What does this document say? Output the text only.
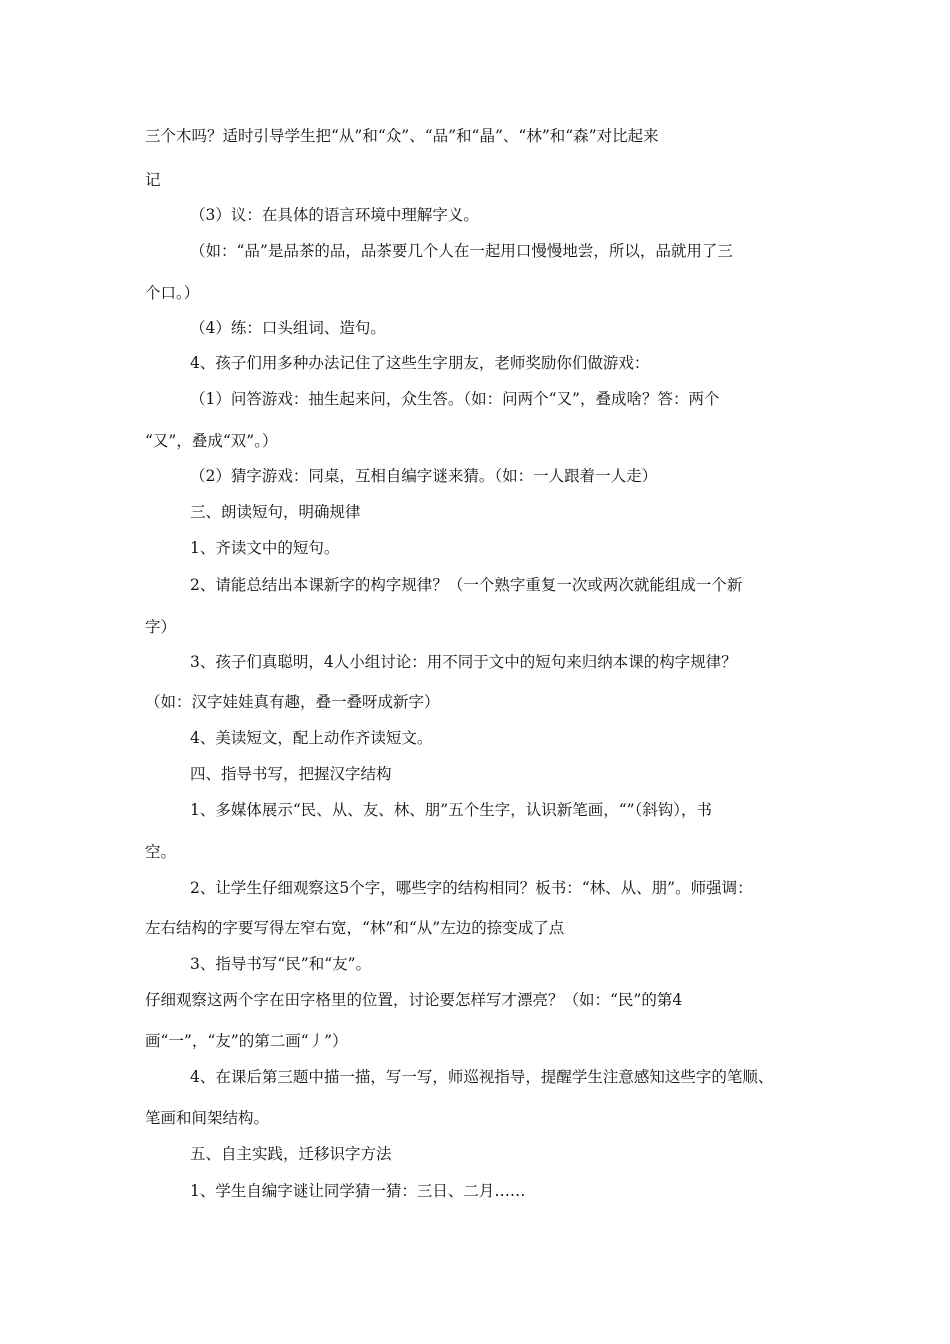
三个木吗？适时引导学生把“从”和“众”、“品”和“晶”、“林”和“森”对比起来
记
（3）议：在具体的语言环境中理解字义。
（如：“品”是品茶的品，品茶要几个人在一起用口慢慢地尝，所以，品就用了三
个口。）
（4）练：口头组词、造句。
4、孩子们用多种办法记住了这些生字朋友，老师奖励你们做游戏：
（1）问答游戏：抽生起来问，众生答。（如：问两个“又”，叠成啥？答：两个
“又”，叠成“双”。）
（2）猜字游戏：同桌，互相自编字谜来猜。（如：一人跟着一人走）
三、朗读短句，明确规律
1、齐读文中的短句。
2、请能总结出本课新字的构字规律？（一个熟字重复一次或两次就能组成一个新
字）
3、孩子们真聪明，4人小组讨论：用不同于文中的短句来归纳本课的构字规律？
（如：汉字娃娃真有趣，叠一叠呀成新字）
4、美读短文，配上动作齐读短文。
四、指导书写，把握汉字结构
1、多媒体展示“民、从、友、林、朋”五个生字，认识新笔画，“”（斜钩），书
空。
2、让学生仔细观察这5个字，哪些字的结构相同？板书：“林、从、朋”。师强调：
左右结构的字要写得左窄右宽，“林”和“从”左边的捺变成了点
3、指导书写“民”和“友”。
仔细观察这两个字在田字格里的位置，讨论要怎样写才漂亮？（如：“民”的第4
画“一”，“友”的第二画“丿”）
4、在课后第三题中描一描，写一写，师巡视指导，提醒学生注意感知这些字的笔顺、
笔画和间架结构。
五、自主实践，迁移识字方法
1、学生自编字谜让同学猜一猜：三日、二月……
